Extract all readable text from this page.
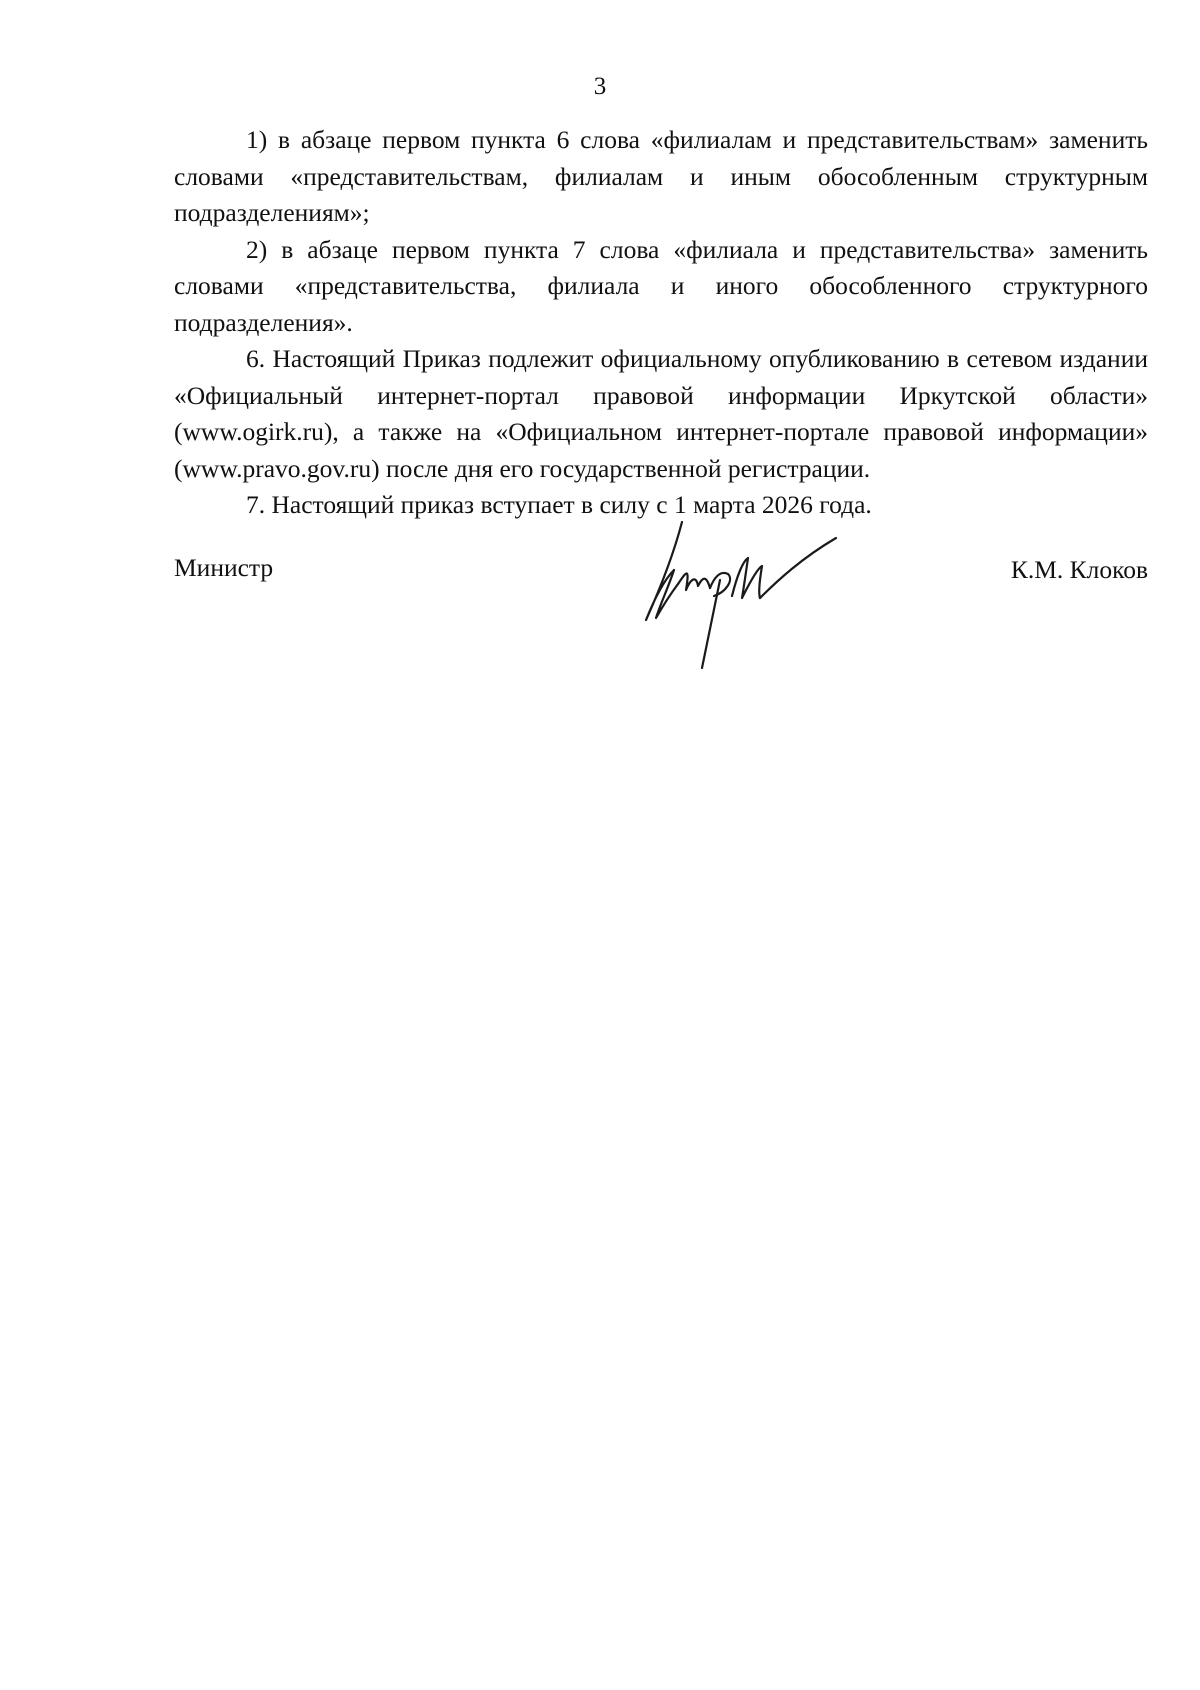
3

1) в абзаце первом пункта 6 слова «филиалам и представительствам» заменить словами «представительствам, филиалам и иным обособленным структурным подразделениям»;

2) в абзаце первом пункта 7 слова «филиала и представительства» заменить словами «представительства, филиала и иного обособленного структурного подразделения».

6. Настоящий Приказ подлежит официальному опубликованию в сетевом издании «Официальный интернет-портал правовой информации Иркутской области» (www.ogirk.ru), а также на «Официальном интернет-портале правовой информации» (www.pravo.gov.ru) после дня его государственной регистрации.

7. Настоящий приказ вступает в силу с 1 марта 2026 года.

Министр	К.М. Клоков
